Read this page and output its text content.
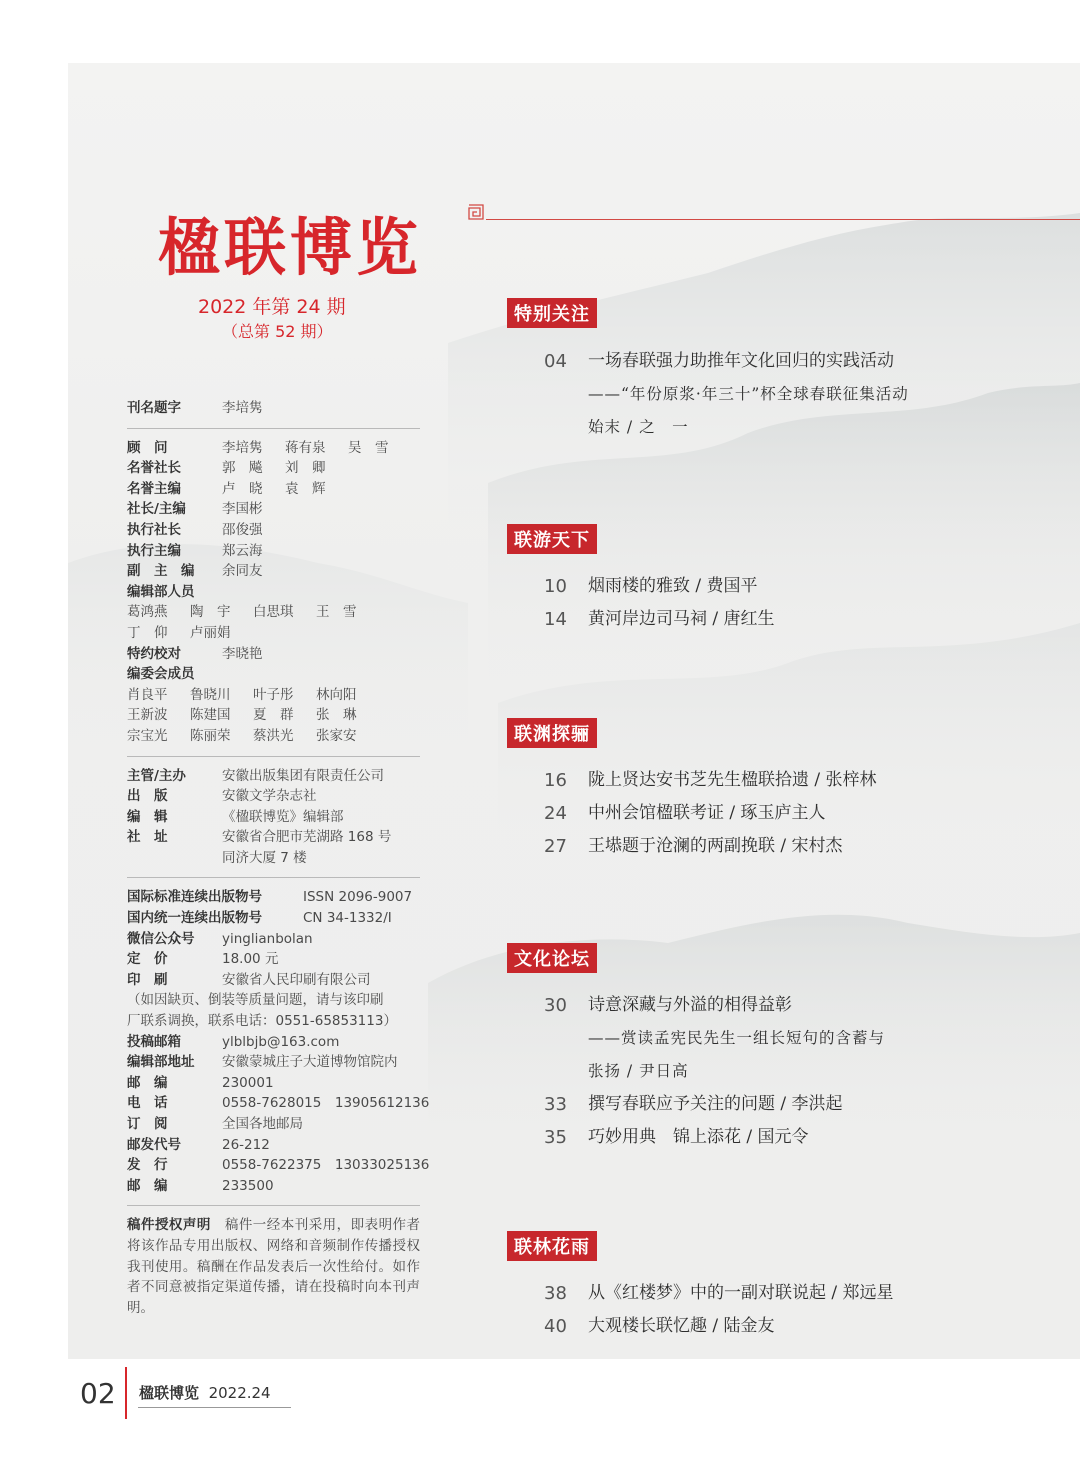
楹联博览
2022 年第 24 期
（总第 52 期）
刊名题字	李培隽
顾　问	李培隽	蒋有泉	吴　雪
名誉社长	郭　飚	刘　卿
名誉主编	卢　晓	袁　辉
社长/主编	李国彬
执行社长	邵俊强
执行主编	郑云海
副　主　编	余同友
编辑部人员
葛鸿燕	陶　宇	白思琪	王　雪
丁　仰	卢丽娟
特约校对	李晓艳
编委会成员
肖良平	鲁晓川	叶子彤	林向阳
王新波	陈建国	夏　群	张　琳
宗宝光	陈丽荣	蔡洪光	张家安
主管/主办	安徽出版集团有限责任公司
出　版	安徽文学杂志社
编　辑	《楹联博览》编辑部
社　址	安徽省合肥市芜湖路 168 号
同济大厦 7 楼
国际标准连续出版物号	ISSN 2096-9007
国内统一连续出版物号	CN 34-1332/I
微信公众号	yinglianbolan
定　价	18.00 元
印　刷	安徽省人民印刷有限公司
（如因缺页、倒装等质量问题，请与该印刷
厂联系调换，联系电话：0551-65853113）
投稿邮箱	ylblbjb@163.com
编辑部地址	安徽蒙城庄子大道博物馆院内
邮　编	230001
电　话	0558-7628015　13905612136
订　阅	全国各地邮局
邮发代号	26-212
发　行	0558-7622375　13033025136
邮　编	233500
稿件授权声明　 稿件一经本刊采用，即表明作者将该作品专用出版权、网络和音频制作传播授权我刊使用。稿酬在作品发表后一次性给付。如作者不同意被指定渠道传播，请在投稿时向本刊声明。
特别关注
04	一场春联强力助推年文化回归的实践活动
——“年份原浆·年三十”杯全球春联征集活动
始末 / 之　一
联游天下
10	烟雨楼的雅致 / 费国平
14	黄河岸边司马祠 / 唐红生
联渊探骊
16	陇上贤达安书芝先生楹联拾遗 / 张梓林
24	中州会馆楹联考证 / 琢玉庐主人
27	王塨题于沧澜的两副挽联 / 宋村杰
文化论坛
30	诗意深藏与外溢的相得益彰
——赏读孟宪民先生一组长短句的含蓄与
张扬 / 尹日高
33	撰写春联应予关注的问题 / 李洪起
35	巧妙用典　锦上添花 / 国元令
联林花雨
38	从《红楼梦》中的一副对联说起 / 郑远星
40	大观楼长联忆趣 / 陆金友
02 楹联博览 2022.24
